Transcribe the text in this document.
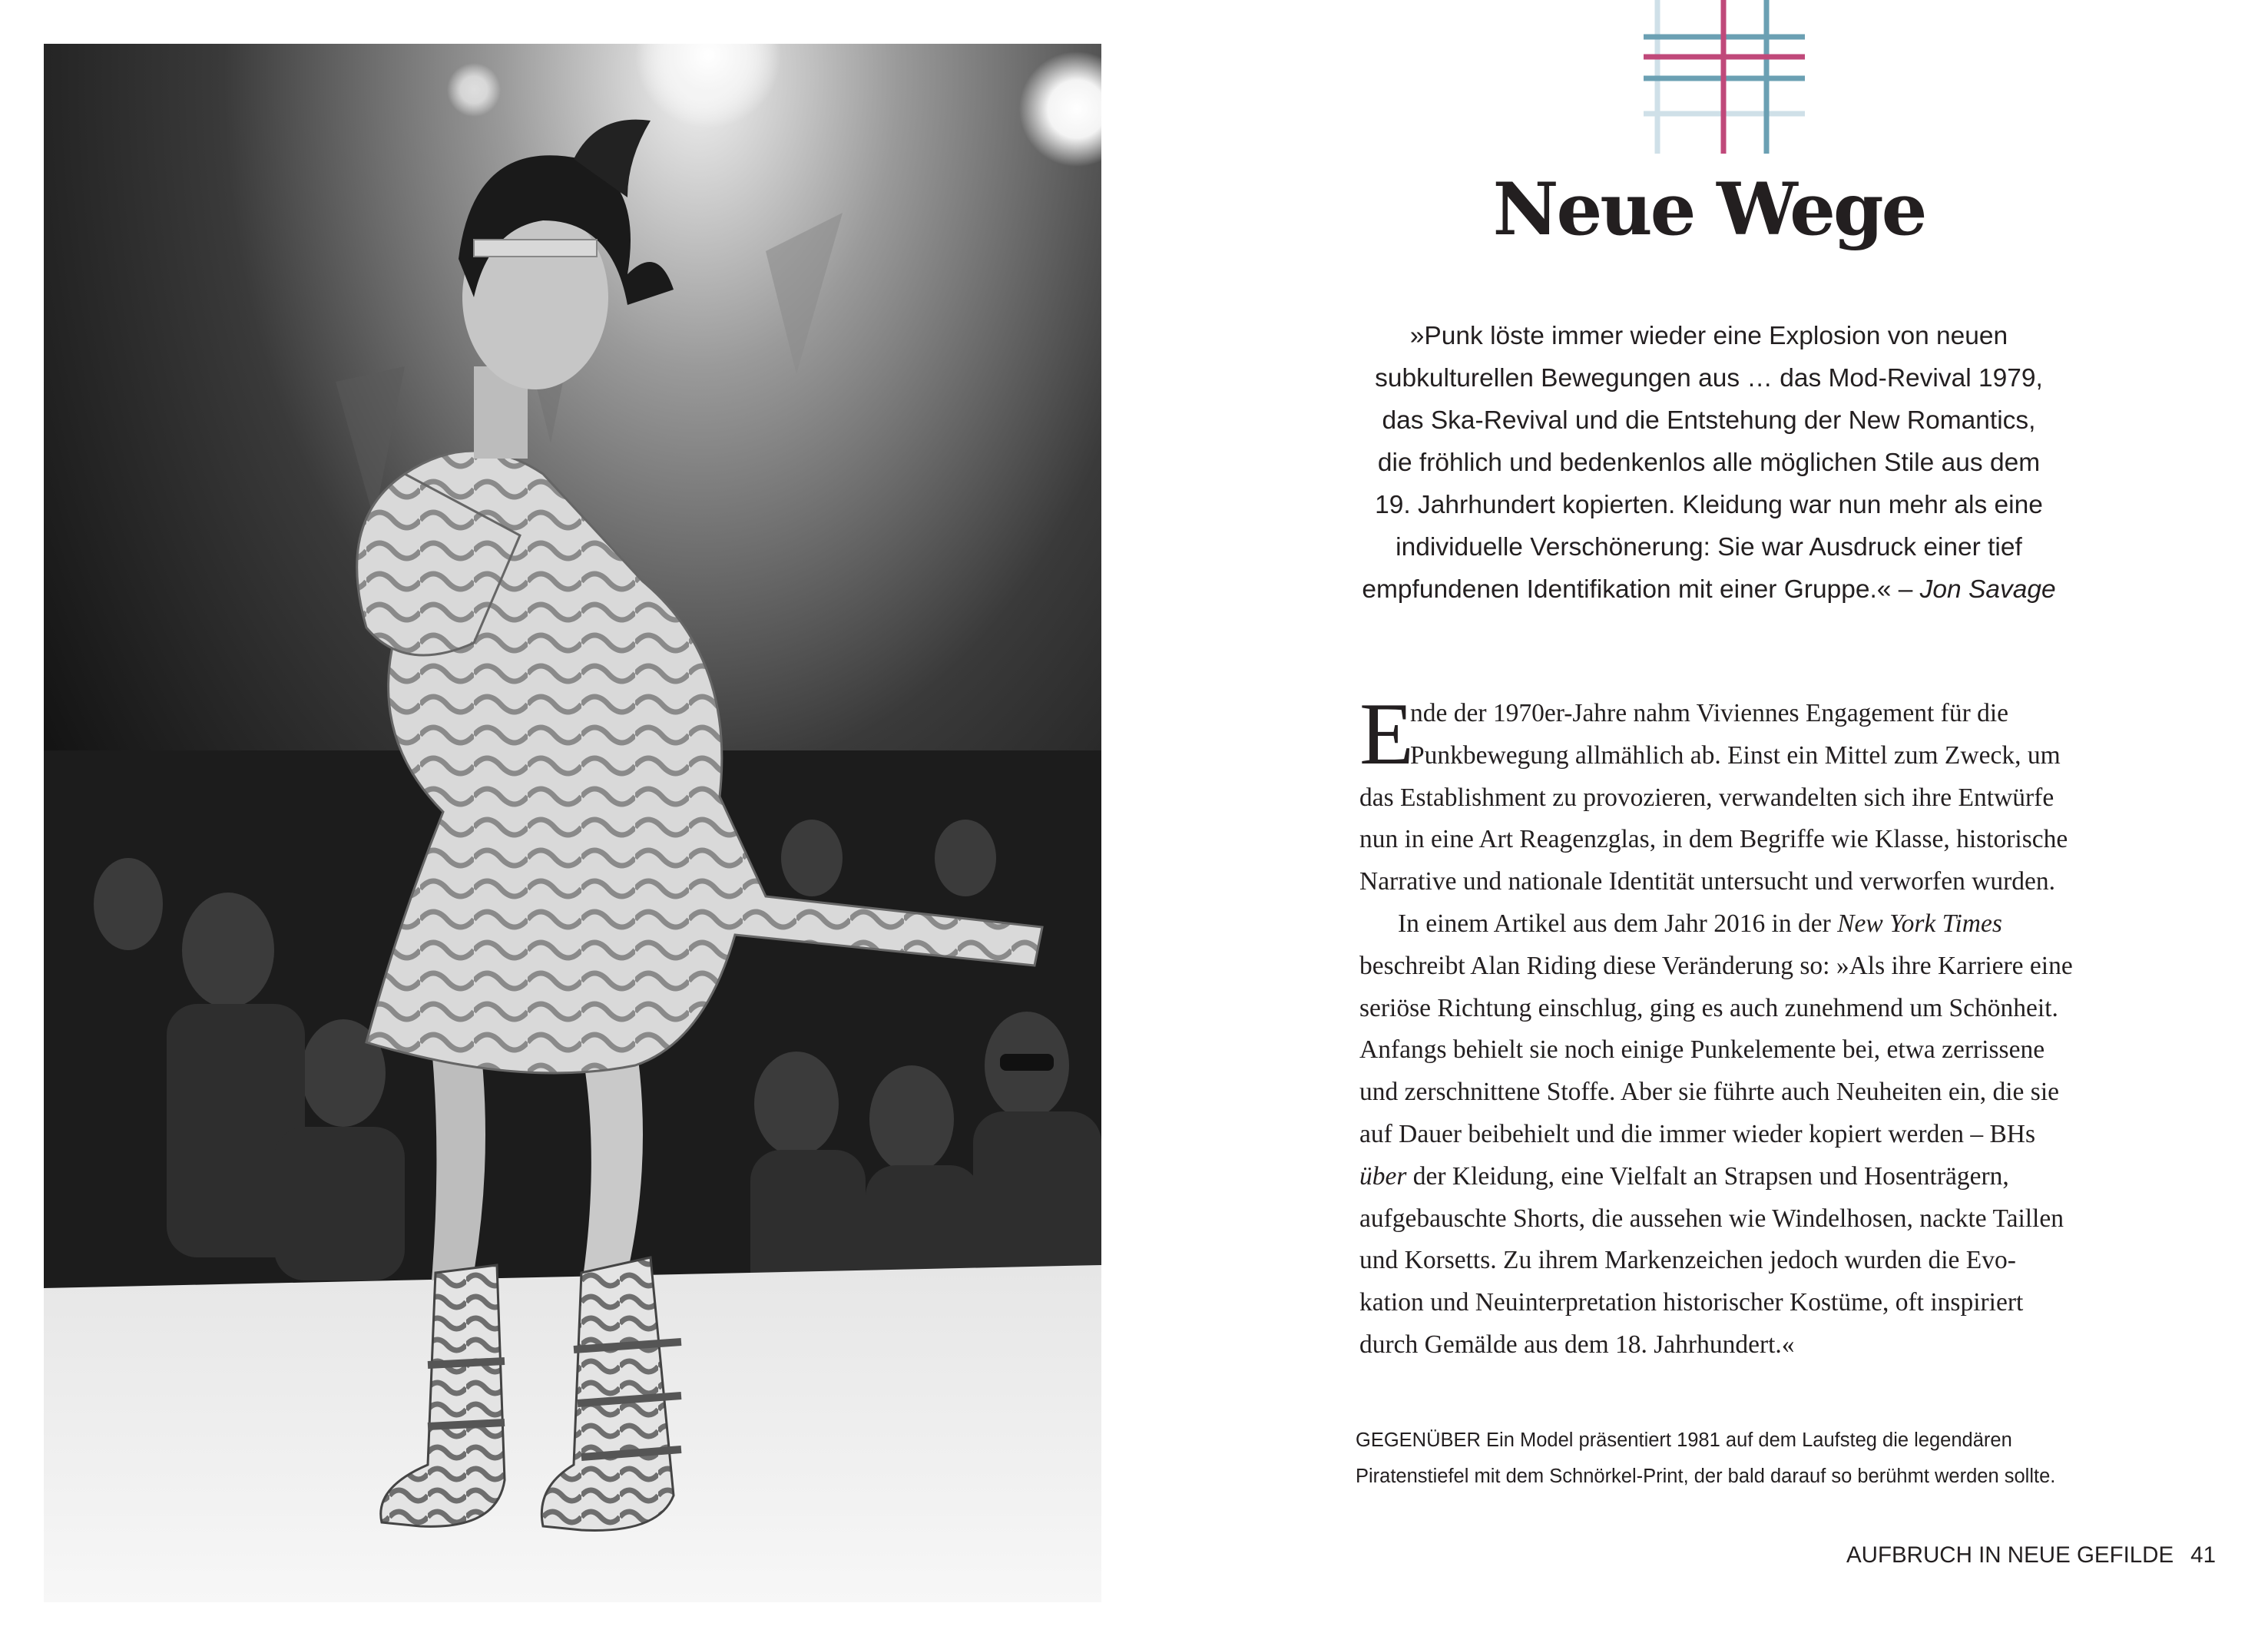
Neue Wege
»Punk löste immer wieder eine Explosion von neuen
subkulturellen Bewegungen aus … das Mod-Revival 1979,
das Ska-Revival und die Entstehung der New Romantics,
die fröhlich und bedenkenlos alle möglichen Stile aus dem
19. Jahrhundert kopierten. Kleidung war nun mehr als eine
individuelle Verschönerung: Sie war Ausdruck einer tief
empfundenen Identifikation mit einer Gruppe.« – Jon Savage
E
nde der 1970er-Jahre nahm Viviennes Engagement für die
Punkbewegung allmählich ab. Einst ein Mittel zum Zweck, um
das Establishment zu provozieren, verwandelten sich ihre Entwürfe
nun in eine Art Reagenzglas, in dem Begriffe wie Klasse, historische
Narrative und nationale Identität untersucht und verworfen wurden.
In einem Artikel aus dem Jahr 2016 in der New York Times
beschreibt Alan Riding diese Veränderung so: »Als ihre Karriere eine
seriöse Richtung einschlug, ging es auch zunehmend um Schönheit.
Anfangs behielt sie noch einige Punkelemente bei, etwa zerrissene
und zerschnittene Stoffe. Aber sie führte auch Neuheiten ein, die sie
auf Dauer beibehielt und die immer wieder kopiert werden – BHs
über der Kleidung, eine Vielfalt an Strapsen und Hosenträgern,
aufgebauschte Shorts, die aussehen wie Windelhosen, nackte Taillen
und Korsetts. Zu ihrem Markenzeichen jedoch wurden die Evo-
kation und Neuinterpretation historischer Kostüme, oft inspiriert
durch Gemälde aus dem 18. Jahrhundert.«
GEGENÜBER Ein Model präsentiert 1981 auf dem Laufsteg die legendären
Piratenstiefel mit dem Schnörkel-Print, der bald darauf so berühmt werden sollte.
AUFBRUCH IN NEUE GEFILDE 41
